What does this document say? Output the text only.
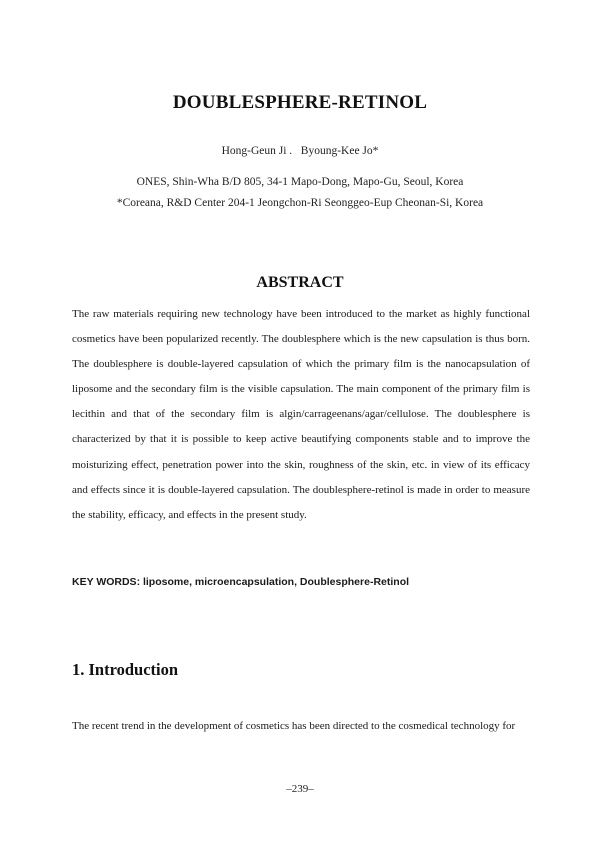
DOUBLESPHERE-RETINOL
Hong-Geun Ji .   Byoung-Kee Jo*
ONES, Shin-Wha B/D 805, 34-1 Mapo-Dong, Mapo-Gu, Seoul, Korea
*Coreana, R&D Center 204-1 Jeongchon-Ri Seonggeo-Eup Cheonan-Si, Korea
ABSTRACT
The raw materials requiring new technology have been introduced to the market as highly functional cosmetics have been popularized recently. The doublesphere which is the new capsulation is thus born. The doublesphere is double-layered capsulation of which the primary film is the nanocapsulation of liposome and the secondary film is the visible capsulation. The main component of the primary film is lecithin and that of the secondary film is algin/carrageenans/agar/cellulose. The doublesphere is characterized by that it is possible to keep active beautifying components stable and to improve the moisturizing effect, penetration power into the skin, roughness of the skin, etc. in view of its efficacy and effects since it is double-layered capsulation. The doublesphere-retinol is made in order to measure the stability, efficacy, and effects in the present study.
KEY WORDS: liposome, microencapsulation, Doublesphere-Retinol
1. Introduction
The recent trend in the development of cosmetics has been directed to the cosmedical technology for
–239–
